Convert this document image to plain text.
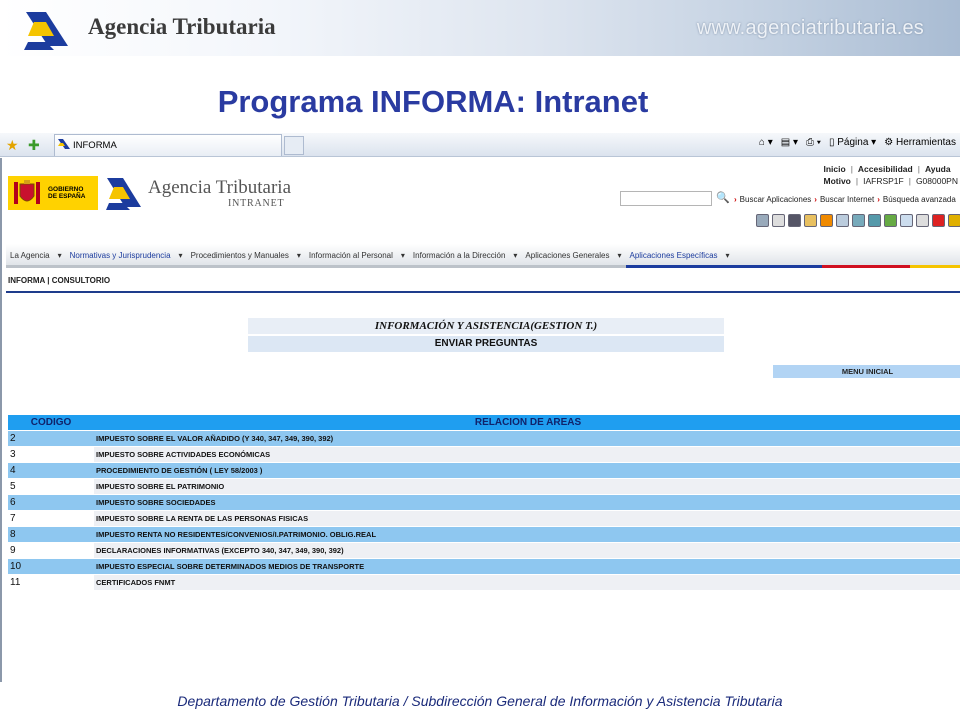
Agencia Tributaria	www.agenciatributaria.es
Programa INFORMA: Intranet
★ ✚	INFORMA	⌂ ▾ ▤ ▾ ⎙ ▾ ▯ Página ▾ ⚙ Herramientas
GOBIERNO
DE ESPAÑA	Agencia Tributaria
INTRANET
Inicio | Accesibilidad | Ayuda
Motivo | IAFRSP1F | G08000PN
🔍 › Buscar Aplicaciones › Buscar Internet › Búsqueda avanzada
La Agencia	▾	Normativas y Jurisprudencia	▾	Procedimientos y Manuales	▾	Información al Personal	▾	Información a la Dirección	▾	Aplicaciones Generales	▾	Aplicaciones Específicas	▾
INFORMA | CONSULTORIO
INFORMACIÓN Y ASISTENCIA(GESTION T.)
ENVIAR PREGUNTAS
MENU INICIAL
CODIGO	RELACION DE AREAS
2	IMPUESTO SOBRE EL VALOR AÑADIDO (Y 340, 347, 349, 390, 392)
3	IMPUESTO SOBRE ACTIVIDADES ECONÓMICAS
4	PROCEDIMIENTO DE GESTIÓN ( LEY 58/2003 )
5	IMPUESTO SOBRE EL PATRIMONIO
6	IMPUESTO SOBRE SOCIEDADES
7	IMPUESTO SOBRE LA RENTA DE LAS PERSONAS FISICAS
8	IMPUESTO RENTA NO RESIDENTES/CONVENIOS/I.PATRIMONIO. OBLIG.REAL
9	DECLARACIONES INFORMATIVAS (EXCEPTO 340, 347, 349, 390, 392)
10	IMPUESTO ESPECIAL SOBRE DETERMINADOS MEDIOS DE TRANSPORTE
11	CERTIFICADOS FNMT
Departamento de Gestión Tributaria / Subdirección General de Información y Asistencia Tributaria
